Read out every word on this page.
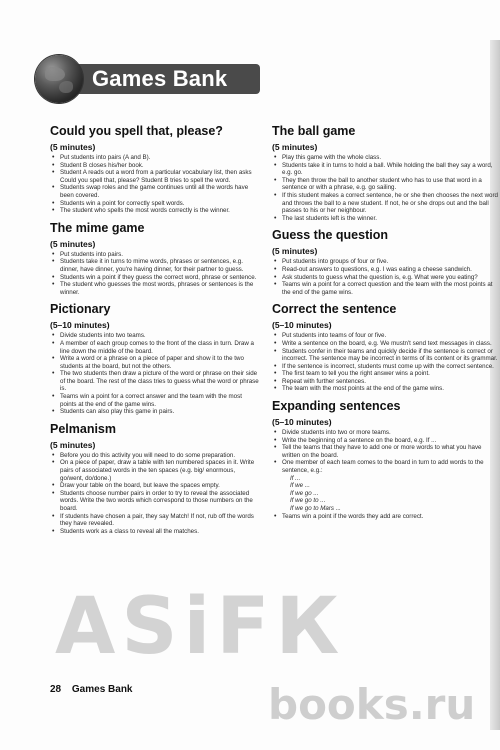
Games Bank
Could you spell that, please?
(5 minutes)
• Put students into pairs (A and B).
• Student B closes his/her book.
• Student A reads out a word from a particular vocabulary list, then asks Could you spell that, please? Student B tries to spell the word.
• Students swap roles and the game continues until all the words have been covered.
• Students win a point for correctly spelt words.
• The student who spells the most words correctly is the winner.
The mime game
(5 minutes)
• Put students into pairs.
• Students take it in turns to mime words, phrases or sentences, e.g. dinner, have dinner, you're having dinner, for their partner to guess.
• Students win a point if they guess the correct word, phrase or sentence.
• The student who guesses the most words, phrases or sentences is the winner.
Pictionary
(5–10 minutes)
• Divide students into two teams.
• A member of each group comes to the front of the class in turn. Draw a line down the middle of the board.
• Write a word or a phrase on a piece of paper and show it to the two students at the board, but not the others.
• The two students then draw a picture of the word or phrase on their side of the board. The rest of the class tries to guess what the word or phrase is.
• Teams win a point for a correct answer and the team with the most points at the end of the game wins.
• Students can also play this game in pairs.
Pelmanism
(5 minutes)
• Before you do this activity you will need to do some preparation.
• On a piece of paper, draw a table with ten numbered spaces in it. Write pairs of associated words in the ten spaces (e.g. big/ enormous, go/went, do/done.)
• Draw your table on the board, but leave the spaces empty.
• Students choose number pairs in order to try to reveal the associated words. Write the two words which correspond to those numbers on the board.
• If students have chosen a pair, they say Match! If not, rub off the words they have revealed.
• Students work as a class to reveal all the matches.
The ball game
(5 minutes)
• Play this game with the whole class.
• Students take it in turns to hold a ball. While holding the ball they say a word, e.g. go.
• They then throw the ball to another student who has to use that word in a sentence or with a phrase, e.g. go sailing.
• If this student makes a correct sentence, he or she then chooses the next word and throws the ball to a new student. If not, he or she drops out and the ball passes to his or her neighbour.
• The last students left is the winner.
Guess the question
(5 minutes)
• Put students into groups of four or five.
• Read-out answers to questions, e.g. I was eating a cheese sandwich.
• Ask students to guess what the question is, e.g. What were you eating?
• Teams win a point for a correct question and the team with the most points at the end of the game wins.
Correct the sentence
(5–10 minutes)
• Put students into teams of four or five.
• Write a sentence on the board, e.g. We mustn't send text messages in class.
• Students confer in their teams and quickly decide if the sentence is correct or incorrect. The sentence may be incorrect in terms of its content or its grammar.
• If the sentence is incorrect, students must come up with the correct sentence.
• The first team to tell you the right answer wins a point.
• Repeat with further sentences.
• The team with the most points at the end of the game wins.
Expanding sentences
(5–10 minutes)
• Divide students into two or more teams.
• Write the beginning of a sentence on the board, e.g. If ...
• Tell the teams that they have to add one or more words to what you have written on the board.
• One member of each team comes to the board in turn to add words to the sentence, e.g.:
If ...
If we ...
If we go ...
If we go to ...
If we go to Mars ...
• Teams win a point if the words they add are correct.
ASiFК
books.ru
28 Games Bank
